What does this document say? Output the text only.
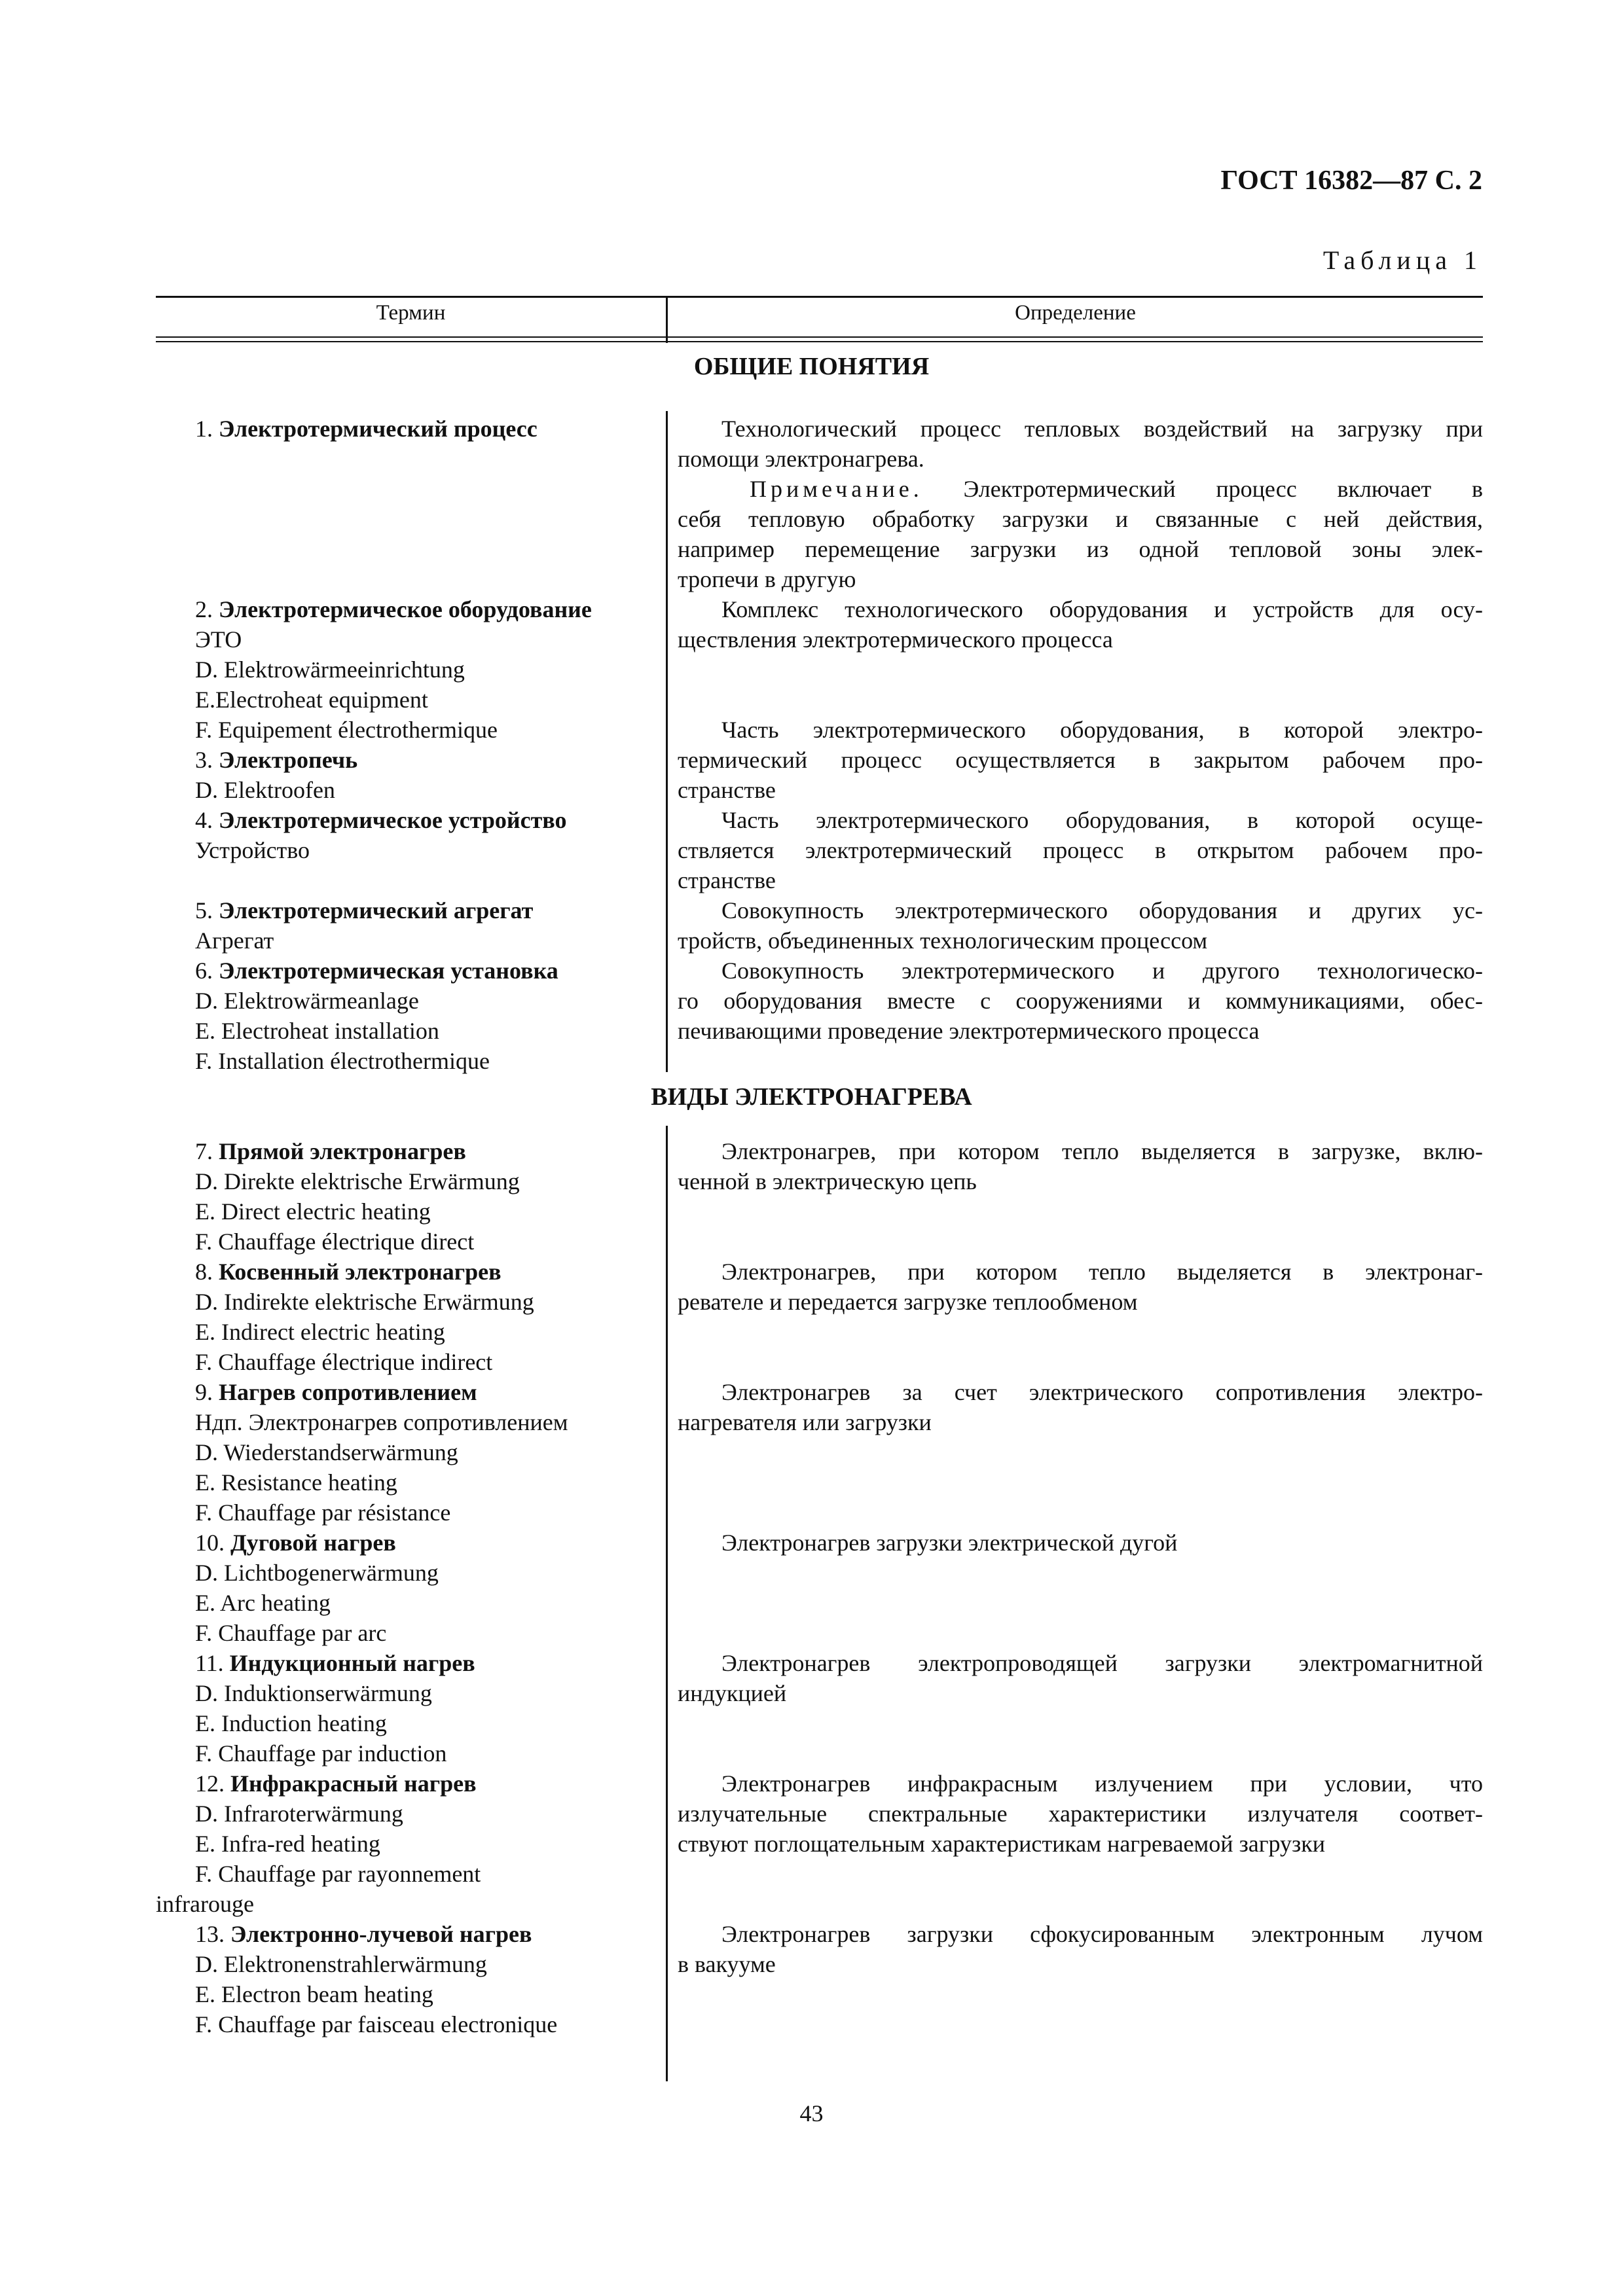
ГОСТ 16382—87 С. 2
Таблица 1
Термин	Определение
ОБЩИЕ ПОНЯТИЯ
ВИДЫ ЭЛЕКТРОНАГРЕВА
1. Электротермический процесс
2. Электротермическое оборудование
ЭТО
D. Elektrowärmeeinrichtung
E.Electroheat equipment
F. Equipement électrothermique
3. Электропечь
D. Elektroofen
4. Электротермическое устройство
Устройство
5. Электротермический агрегат
Агрегат
6. Электротермическая установка
D. Elektrowärmeanlage
E. Electroheat installation
F. Installation électrothermique
7. Прямой электронагрев
D. Direkte elektrische Erwärmung
E. Direct electric heating
F. Chauffage électrique direct
8. Косвенный электронагрев
D. Indirekte elektrische Erwärmung
E. Indirect electric heating
F. Chauffage électrique indirect
9. Нагрев сопротивлением
Ндп. Электронагрев сопротивлением
D. Wiederstandserwärmung
E. Resistance heating
F. Chauffage par résistance
10. Дуговой нагрев
D. Lichtbogenerwärmung
E. Arc heating
F. Chauffage par arc
11. Индукционный нагрев
D. Induktionserwärmung
E. Induction heating
F. Chauffage par induction
12. Инфракрасный нагрев
D. Infraroterwärmung
E. Infra-red heating
F. Chauffage par rayonnement
infrarouge
13. Электронно-лучевой нагрев
D. Elektronenstrahlerwärmung
E. Electron beam heating
F. Chauffage par faisceau electronique
Технологический процесс тепловых воздействий на загрузку при
помощи электронагрева.
Примечание. Электротермический процесс включает в
себя тепловую обработку загрузки и связанные с ней действия,
например перемещение загрузки из одной тепловой зоны элек-
тропечи в другую
Комплекс технологического оборудования и устройств для осу-
ществления электротермического процесса
Часть электротермического оборудования, в которой электро-
термический процесс осуществляется в закрытом рабочем про-
странстве
Часть электротермического оборудования, в которой осуще-
ствляется электротермический процесс в открытом рабочем про-
странстве
Совокупность электротермического оборудования и других ус-
тройств, объединенных технологическим процессом
Совокупность электротермического и другого технологическо-
го оборудования вместе с сооружениями и коммуникациями, обес-
печивающими проведение электротермического процесса
Электронагрев, при котором тепло выделяется в загрузке, вклю-
ченной в электрическую цепь
Электронагрев, при котором тепло выделяется в электронаг-
ревателе и передается загрузке теплообменом
Электронагрев за счет электрического сопротивления электро-
нагревателя или загрузки
Электронагрев загрузки электрической дугой
Электронагрев электропроводящей загрузки электромагнитной
индукцией
Электронагрев инфракрасным излучением при условии, что
излучательные спектральные характеристики излучателя соответ-
ствуют поглощательным характеристикам нагреваемой загрузки
Электронагрев загрузки сфокусированным электронным лучом
в вакууме
43
